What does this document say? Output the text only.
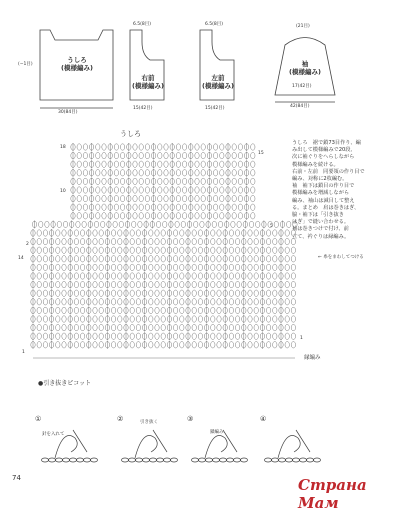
うしろ
(模様編み)
30(84目)
(−1目)
右前
(模様編み)
6.5(8目)
15(42目)
左前
(模様編み)
6.5(8目)
15(42目)
袖
(模様編み)
(21目)
42(84目)
17(42目)
うしろ
18
10
14
2
1
15
5
1
← 糸をまわしてつける
縁編み
うしろ　裾で鎖73目作り、編
み出して模様編みで20段、
次に袖ぐりをへらしながら
模様編みを続ける。
右前・左前　同要領の作り目で
編み、対称に2枚編む。
袖　袖下は鎖目の作り目で
模様編みを増減しながら
編み、袖山は減目して整え
る。まとめ　肩は巻きはぎ、
脇・袖下は「引き抜き
はぎ」で縫い合わせる。
袖は巻きつけで付け、前
立て、衿ぐりは縁編み。
●引き抜きピコット
①	②	③	④
針を入れて
引き抜く
鎖編み
74	Страна Мам
